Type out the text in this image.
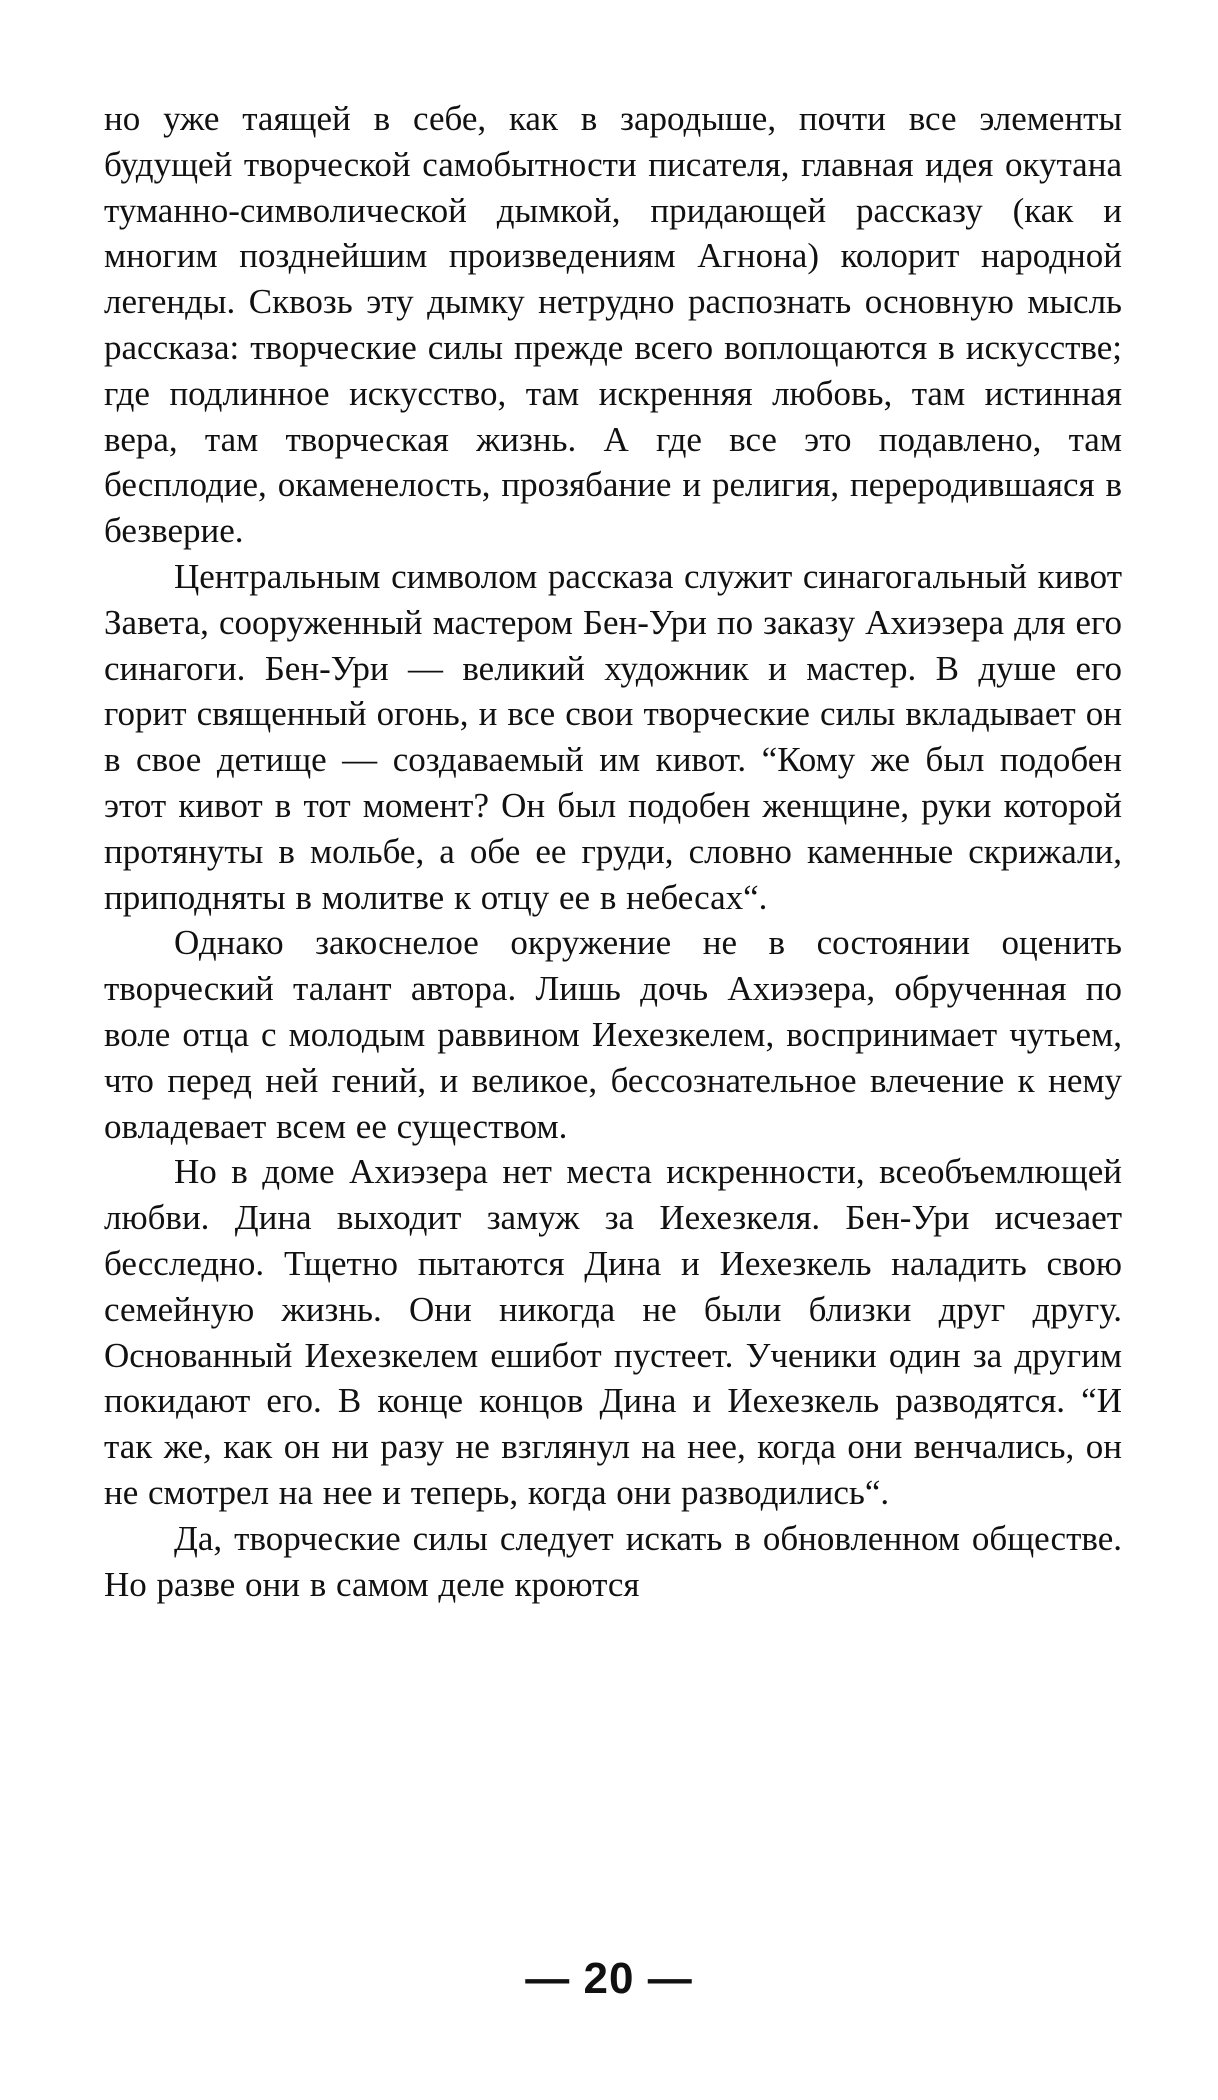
но уже таящей в себе, как в зародыше, почти все элементы будущей творческой самобытности писателя, главная идея окутана туманно-символической дымкой, придающей рассказу (как и многим позднейшим произведениям Агнона) колорит народной легенды. Сквозь эту дымку нетрудно распознать основную мысль рассказа: творческие силы прежде всего воплощаются в искусстве; где подлинное искусство, там искренняя любовь, там истинная вера, там творческая жизнь. А где все это подавлено, там бесплодие, окаменелость, прозябание и религия, переродившаяся в безверие.

Центральным символом рассказа служит синагогальный кивот Завета, сооруженный мастером Бен-Ури по заказу Ахиэзера для его синагоги. Бен-Ури — великий художник и мастер. В душе его горит священный огонь, и все свои творческие силы вкладывает он в свое детище — создаваемый им кивот. “Кому же был подобен этот кивот в тот момент? Он был подобен женщине, руки которой протянуты в мольбе, а обе ее груди, словно каменные скрижали, приподняты в молитве к отцу ее в небесах“.

Однако закоснелое окружение не в состоянии оценить творческий талант автора. Лишь дочь Ахиэзера, обрученная по воле отца с молодым раввином Иехезкелем, воспринимает чутьем, что перед ней гений, и великое, бессознательное влечение к нему овладевает всем ее существом.

Но в доме Ахиэзера нет места искренности, всеобъемлющей любви. Дина выходит замуж за Иехезкеля. Бен-Ури исчезает бесследно. Тщетно пытаются Дина и Иехезкель наладить свою семейную жизнь. Они никогда не были близки друг другу. Основанный Иехезкелем ешибот пустеет. Ученики один за другим покидают его. В конце концов Дина и Иехезкель разводятся. “И так же, как он ни разу не взглянул на нее, когда они венчались, он не смотрел на нее и теперь, когда они разводились“.

Да, творческие силы следует искать в обновленном обществе. Но разве они в самом деле кроются

— 20 —
